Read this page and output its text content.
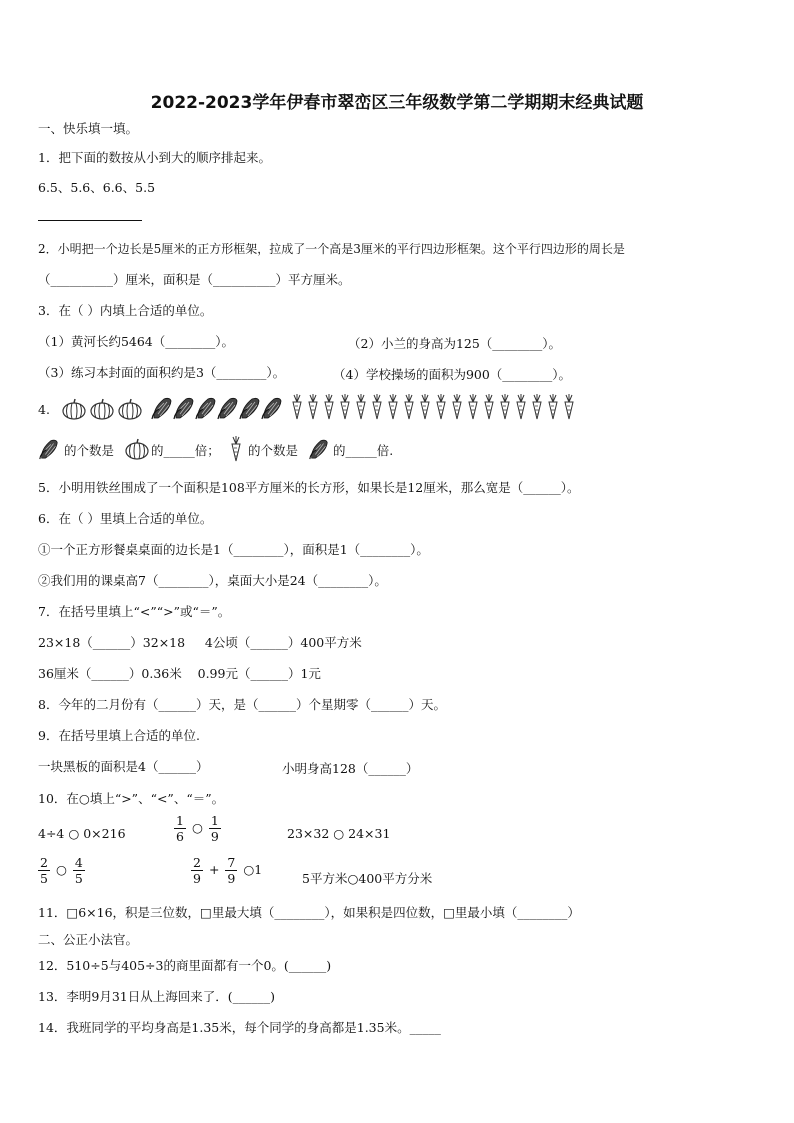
2022-2023学年伊春市翠峦区三年级数学第二学期期末经典试题
一、快乐填一填。
1．把下面的数按从小到大的顺序排起来。
6.5、5.6、6.6、5.5
2．小明把一个边长是5厘米的正方形框架，拉成了一个高是3厘米的平行四边形框架。这个平行四边形的周长是
（__________）厘米，面积是（__________）平方厘米。
3．在（ ）内填上合适的单位。
（1）黄河长约5464（________）。	（2）小兰的身高为125（________）。
（3）练习本封面的面积约是3（________）。	（4）学校操场的面积为900（________）。
4.
的个数是	的_____倍； 的个数是	的_____倍.
5．小明用铁丝围成了一个面积是108平方厘米的长方形，如果长是12厘米，那么宽是（______）。
6．在（ ）里填上合适的单位。
①一个正方形餐桌桌面的边长是1（________），面积是1（________）。
②我们用的课桌高7（________），桌面大小是24（________）。
7．在括号里填上“<”“>”或“＝”。
23×18（______）32×18     4公顷（______）400平方米
36厘米（______）0.36米    0.99元（______）1元
8．今年的二月份有（______）天，是（______）个星期零（______）天。
9．在括号里填上合适的单位.
一块黑板的面积是4（______）	小明身高128（______）
10．在○填上“>”、“<”、“＝”。
4÷4 ○ 0×216	$\frac{1}{6}$ ○ $\frac{1}{9}$	23×32 ○ 24×31
$\frac{2}{5}$ ○ $\frac{4}{5}$	$\frac{2}{9} + \frac{7}{9}$ ○1
5平方米○400平方分米
11．□6×16，积是三位数，□里最大填（________），如果积是四位数，□里最小填（________）
二、公正小法官。
12．510÷5与405÷3的商里面都有一个0。(______)
13．李明9月31日从上海回来了．(______)
14．我班同学的平均身高是1.35米，每个同学的身高都是1.35米。_____
